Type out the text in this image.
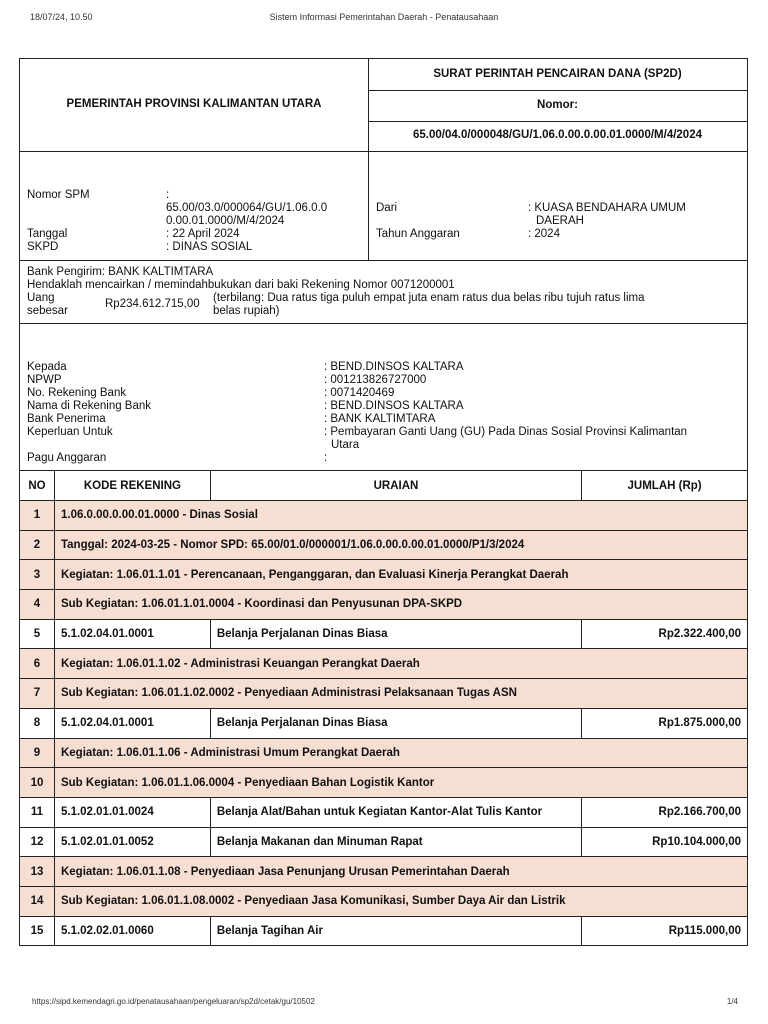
18/07/24, 10.50	Sistem Informasi Pemerintahan Daerah - Penatausahaan
PEMERINTAH PROVINSI KALIMANTAN UTARA
SURAT PERINTAH PENCAIRAN DANA (SP2D)
Nomor:
65.00/04.0/000048/GU/1.06.0.00.0.00.01.0000/M/4/2024
Nomor SPM	:
65.00/03.0/000064/GU/1.06.0.0
0.00.01.0000/M/4/2024
Tanggal	: 22 April 2024
SKPD	: DINAS SOSIAL
Dari	: KUASA BENDAHARA UMUM
DAERAH
Tahun Anggaran	: 2024
Bank Pengirim: BANK KALTIMTARA
Hendaklah mencairkan / memindahbukukan dari baki Rekening Nomor 0071200001
Uang
sebesar
Rp234.612.715,00 (terbilang: Dua ratus tiga puluh empat juta enam ratus dua belas ribu tujuh ratus lima
belas rupiah)
Kepada	: BEND.DINSOS KALTARA
NPWP	: 001213826727000
No. Rekening Bank	: 0071420469
Nama di Rekening Bank	: BEND.DINSOS KALTARA
Bank Penerima	: BANK KALTIMTARA
Keperluan Untuk	: Pembayaran Ganti Uang (GU) Pada Dinas Sosial Provinsi Kalimantan
Utara
Pagu Anggaran	:
NO	KODE REKENING	URAIAN	JUMLAH (Rp)
1	1.06.0.00.0.00.01.0000 - Dinas Sosial		
2	Tanggal: 2024-03-25 - Nomor SPD: 65.00/01.0/000001/1.06.0.00.0.00.01.0000/P1/3/2024		
3	Kegiatan: 1.06.01.1.01 - Perencanaan, Penganggaran, dan Evaluasi Kinerja Perangkat Daerah		
4	Sub Kegiatan: 1.06.01.1.01.0004 - Koordinasi dan Penyusunan DPA-SKPD		
5	5.1.02.04.01.0001	Belanja Perjalanan Dinas Biasa	Rp2.322.400,00
6	Kegiatan: 1.06.01.1.02 - Administrasi Keuangan Perangkat Daerah		
7	Sub Kegiatan: 1.06.01.1.02.0002 - Penyediaan Administrasi Pelaksanaan Tugas ASN		
8	5.1.02.04.01.0001	Belanja Perjalanan Dinas Biasa	Rp1.875.000,00
9	Kegiatan: 1.06.01.1.06 - Administrasi Umum Perangkat Daerah		
10	Sub Kegiatan: 1.06.01.1.06.0004 - Penyediaan Bahan Logistik Kantor		
11	5.1.02.01.01.0024	Belanja Alat/Bahan untuk Kegiatan Kantor-Alat Tulis Kantor	Rp2.166.700,00
12	5.1.02.01.01.0052	Belanja Makanan dan Minuman Rapat	Rp10.104.000,00
13	Kegiatan: 1.06.01.1.08 - Penyediaan Jasa Penunjang Urusan Pemerintahan Daerah		
14	Sub Kegiatan: 1.06.01.1.08.0002 - Penyediaan Jasa Komunikasi, Sumber Daya Air dan Listrik		
15	5.1.02.02.01.0060	Belanja Tagihan Air	Rp115.000,00
https://sipd.kemendagri.go.id/penatausahaan/pengeluaran/sp2d/cetak/gu/10502	1/4
